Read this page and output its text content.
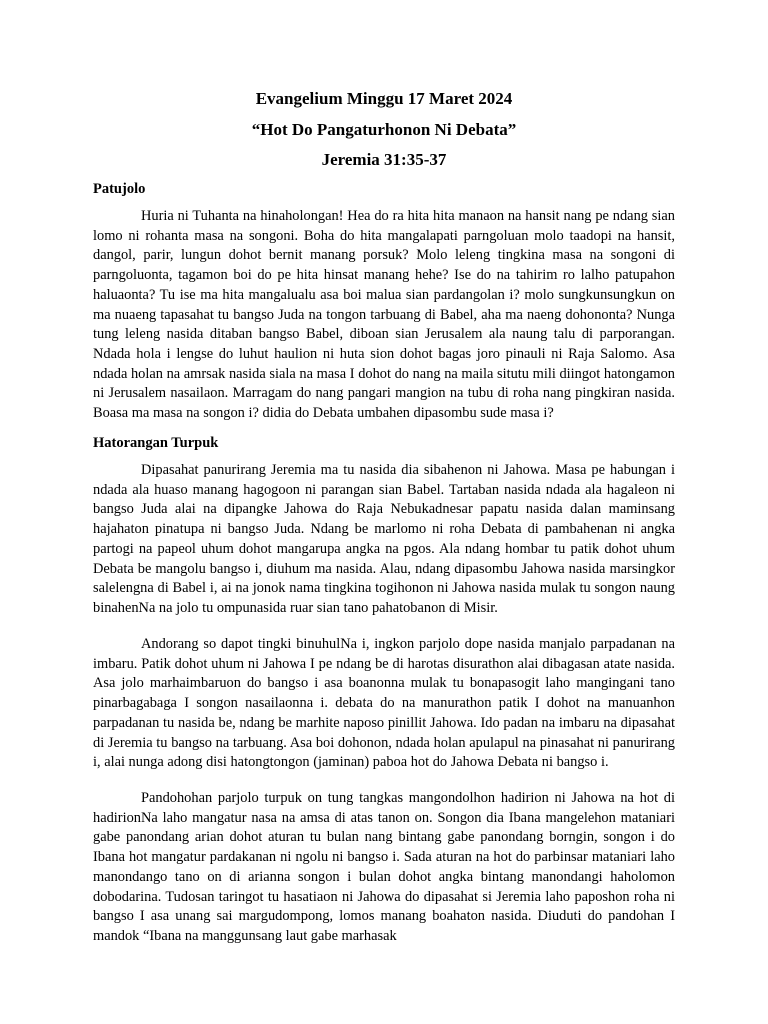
Evangelium Minggu 17 Maret 2024
“Hot Do Pangaturhonon Ni Debata”
Jeremia 31:35-37
Patujolo

Huria ni Tuhanta na hinaholongan! Hea do ra hita hita manaon na hansit nang pe ndang sian lomo ni rohanta masa na songoni. Boha do hita mangalapati parngoluan molo taadopi na hansit, dangol, parir, lungun dohot bernit manang porsuk? Molo leleng tingkina masa na songoni di parngoluonta, tagamon boi do pe hita hinsat manang hehe? Ise do na tahirim ro lalho patupahon haluaonta? Tu ise ma hita mangalualu asa boi malua sian pardangolan i? molo sungkunsungkun on ma nuaeng tapasahat tu bangso Juda na tongon tarbuang di Babel, aha ma naeng dohononta? Nunga tung leleng nasida ditaban bangso Babel, diboan sian Jerusalem ala naung talu di parporangan. Ndada hola i lengse do luhut haulion ni huta sion dohot bagas joro pinauli ni Raja Salomo. Asa ndada holan na amrsak nasida siala na masa I dohot do nang na maila situtu mili diingot hatongamon ni Jerusalem nasailaon. Marragam do nang pangari mangion na tubu di roha nang pingkiran nasida. Boasa ma masa na songon i? didia do Debata umbahen dipasombu sude masa i?

Hatorangan Turpuk

Dipasahat panurirang Jeremia ma tu nasida dia sibahenon ni Jahowa. Masa pe habungan i ndada ala huaso manang hagogoon ni parangan sian Babel. Tartaban nasida ndada ala hagaleon ni bangso Juda alai na dipangke Jahowa do Raja Nebukadnesar papatu nasida dalan maminsang hajahaton pinatupa ni bangso Juda. Ndang be marlomo ni roha Debata di pambahenan ni angka partogi na papeol uhum dohot mangarupa angka na pgos. Ala ndang hombar tu patik dohot uhum Debata be mangolu bangso i, diuhum ma nasida. Alau, ndang dipasombu Jahowa nasida marsingkor salelengna di Babel i, ai na jonok nama tingkina togihonon ni Jahowa nasida mulak tu songon naung binahenNa na jolo tu ompunasida ruar sian tano pahatobanon di Misir.

Andorang so dapot tingki binuhulNa i, ingkon parjolo dope nasida manjalo parpadanan na imbaru. Patik dohot uhum ni Jahowa I pe ndang be di harotas disurathon alai dibagasan atate nasida. Asa jolo marhaimbaruon do bangso i asa boanonna mulak tu bonapasogit laho mangingani tano pinarbagabaga I songon nasailaonna i. debata do na manurathon patik I dohot na manuanhon parpadanan tu nasida be, ndang be marhite naposo pinillit Jahowa. Ido padan na imbaru na dipasahat di Jeremia tu bangso na tarbuang. Asa boi dohonon, ndada holan apulapul na pinasahat ni panurirang i, alai nunga adong disi hatongtongon (jaminan) paboa hot do Jahowa Debata ni bangso i.

Pandohohan parjolo turpuk on tung tangkas mangondolhon hadirion ni Jahowa na hot di hadirionNa laho mangatur nasa na amsa di atas tanon on. Songon dia Ibana mangelehon mataniari gabe panondang arian dohot aturan tu bulan nang bintang gabe panondang borngin, songon i do Ibana hot mangatur pardakanan ni ngolu ni bangso i. Sada aturan na hot do parbinsar mataniari laho manondango tano on di arianna songon i bulan dohot angka bintang manondangi haholomon dobodarina. Tudosan taringot tu hasatiaon ni Jahowa do dipasahat si Jeremia laho paposhon roha ni bangso I asa unang sai margudompong, lomos manang boahaton nasida. Diuduti do pandohan I mandok “Ibana na manggunsang laut gabe marhasak
